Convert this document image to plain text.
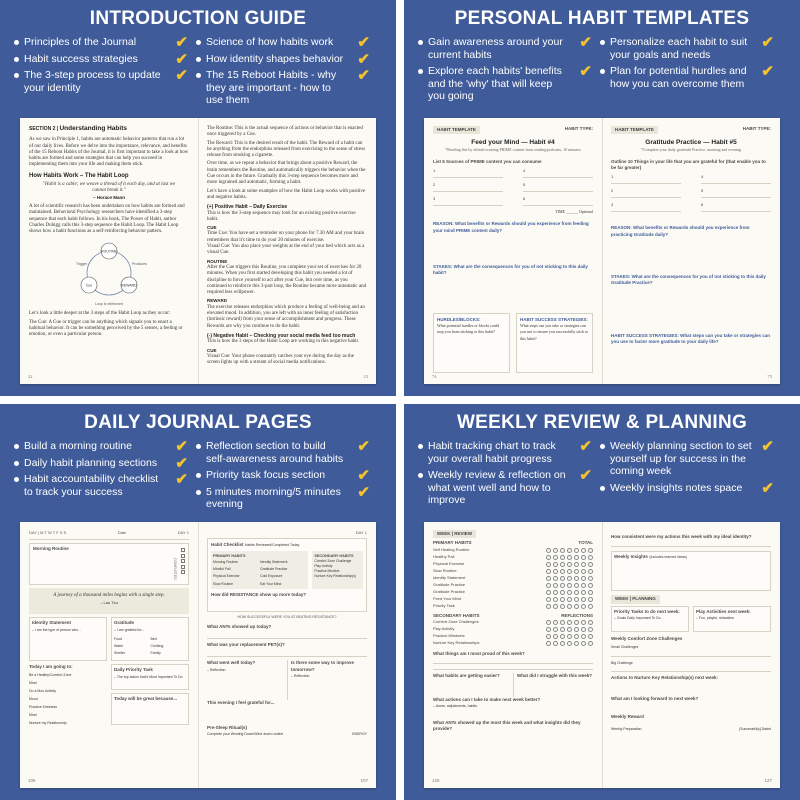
INTRODUCTION GUIDE
Principles of the Journal	✔
Habit success strategies	✔
The 3-step process to update your identity
✔
Science of how habits work ✔
How identity shapes behavior ✔
The 15 Reboot Habits - why they are important - how to use them
✔
SECTION 2 | Understanding Habits
As we saw in Principle 1, habits are automatic behavior patterns that run a lot of our daily lives. Before we delve into the importance, relevance, and benefits of the 15 Reboot Habits of the Journal, it is first important to take a look at how habits are formed and some strategies that can help you succeed in implementing them into your life and making them stick.
How Habits Work – The Habit Loop
"Habit is a cable; we weave a thread of it each day, and at last we cannot break it."
– Horace Mann
A lot of scientific research has been undertaken on how habits are formed and maintained. Behavioral Psychology researchers have identified a 3-step sequence that each habit follows. In his book, The Power of Habit, author Charles Duhigg calls this 3-step sequence the Habit Loop. The Habit Loop shows how a habit functions as a self-reinforcing behavior pattern.
ROUTINE
Cue	REWARD
Trigger	Produces
Loop is reinforced
Let's look a little deeper at the 3 steps of the Habit Loop as they occur:
The Cue: A Cue or trigger can be anything which signals you to enact a habitual behavior. It can be something perceived by the 5 senses, a feeling or emotion, or even a particular person.
22
The Routine: This is the actual sequence of actions or behavior that is enacted once triggered by a Cue.
The Reward: This is the desired result of the habit. The Reward of a habit can be anything from the endorphins released from exercising to the sense of stress release from smoking a cigarette.
Over time, as we repeat a behavior that brings about a positive Reward, the brain remembers the Routine, and automatically triggers the behavior when the Cue occurs in the future. Gradually this 3-step sequence becomes more and more ingrained and automatic, forming a habit.
Let's have a look at some examples of how the Habit Loop works with positive and negative habits.
(+) Positive Habit – Daily Exercise
This is how the 3-step sequence may look for an existing positive exercise habit.
CUE
Time Cue: You have set a reminder on your phone for 7.30 AM and your brain remembers that it's time to do your 20 minutes of exercise.
Visual Cue: You also place your weights at the end of your bed which acts as a visual Cue.
ROUTINE
After the Cue triggers this Routine, you complete your set of exercises for 20 minutes. When you first started developing this habit you needed a lot of discipline to force yourself to act after your Cue, but over time, as you continued to reinforce this 3-part loop, the Routine became more automatic and required less willpower.
REWARD
The exercise releases endorphins which produce a feeling of well-being and an elevated mood. In addition, you are left with an inner feeling of satisfaction (intrinsic reward) from your sense of accomplishment and progress. These Rewards are why you continue to do the habit.
(-) Negative Habit – Checking your social media feed too much
This is how the 3 steps of the Habit Loop are working in this negative habit.
CUE
Visual Cue: Your phone constantly catches your eye during the day as the screen lights up with a stream of social media notifications.
23
PERSONAL HABIT TEMPLATES
Gain awareness around your current habits
✔
Explore each habits' benefits and the 'why' that will keep you going
✔
Personalize each habit to suit your goals and needs
✔
Plan for potential hurdles and how you can overcome them
✔
HABIT TEMPLATE	HABIT TYPE:
Feed your Mind — Habit #4
*Reading this by default/creating PRIME content from reading/podcasts, 10 minutes
List 6 Sources of PRIME content you can consume
1
2
3
4
5
6
TIME ______ Optional
REASON: What benefits or Rewards should you experience from feeding your mind PRIME content daily?
STAKES: What are the consequences for you of not sticking to this daily habit?
HURDLES/BLOCKS:
What potential hurdles or blocks could stop you from sticking to this habit?
HABIT SUCCESS STRATEGIES:
What steps can you take or strategies can you use to ensure you successfully stick to this habit?
74
HABIT TEMPLATE	HABIT TYPE:
Gratitude Practice — Habit #5
*Complete your daily gratitude Practice, morning and evening
Outline 10 Things in your life that you are grateful for (that enable you to be far greater)
1
2
3
4
5
6
REASON: What benefits or Rewards should you experience from practicing Gratitude daily?
STAKES: What are the consequences for you of not sticking to this daily Gratitude Practice?
HABIT SUCCESS STRATEGIES: What steps can you take or strategies can you use to factor more gratitude to your daily life?
75
DAILY JOURNAL PAGES
Build a morning routine	✔
Daily habit planning sections ✔
Habit accountability checklist to track your success
✔
Reflection section to build self-awareness around habits
✔
Priority task focus section ✔
5 minutes morning/5 minutes evening
✔
DAY | M T W T F S S	Date	DAY 1
Morning Routine
COMPLETED
A journey of a thousand miles begins with a single step.
– Lao Tzu
Identity Statement
– I am the type of person who...
Gratitude
– I am grateful for...
Food	Bed
Water	Clothing
Shelter	Family
Today I am going to:
Be a Healthy/Comfort Zone
Mind
Do a Moo Activity
Mood
Practice Kindness
Mind
Nurture my Relationship
Daily Priority Task
– The top action that's Most Important To Do
Today will be great because...
106
DAY 1
Habit Checklist Habits Reviewed/Completed Today
PRIMARY HABITS
Morning Routine	Identity Statement
Mindful Pall	Gratitude Practice
Physical Exercise	Cold Exposure
Slow Routine	Eat Your Mind
SECONDARY HABITS
Comfort Zone Challenge
Play Activity
Practice Mindset
Nurture Key Relationship(s)
How did RESISTANCE show up more today?
HOW SUCCESSFUL WERE YOU AT BEATING RESISTANCE?
What ANTs showed up today?
What was your replacement PET(s)?
What went well today?
– Reflection
Is there some way to improve tomorrow?
– Reflection
This evening I feel grateful for...
Pre-Sleep Ritual(s)
Complete your Winding Down/Wind down routine	ENERGY
107
WEEKLY REVIEW & PLANNING
Habit tracking chart to track your overall habit progress
✔
Weekly review & reflection on what went well and how to improve
✔
Weekly planning section to set yourself up for success in the coming week
✔
Weekly insights notes space ✔
WEEK | REVIEW
PRIMARY HABITS	TOTAL
Self Healing Routine
Healthy Pall
Physical Exercise
Slow Routine
Identity Statement
Gratitude Practice
Gratitude Practice
Feed Your Mind
Priority Task
SECONDARY HABITS	REFLECTIONS
Comfort Zone Challenges
Play Activity
Practice Mindsets
Nurture Key Relationships
What things am I most proud of this week?
What habits are getting easier?	What did I struggle with this week?
What actions can I take to make next week better?
– Areas, adjustments, habits
What ANTs showed up the most this week and what insights did they provide?
126
How consistent were my actions this week with my ideal identity?
Weekly Insights (Includes learned Ideas)
WEEK | PLANNING
Priority Tasks to do next week:
– Goals Daily Important To Do
Play Activities next week:
– Fun, playful, relaxation
Weekly Comfort Zone Challenges
Small Challenges
Big Challenge
Actions to Nurture Key Relationship(s) next week:
What am I looking forward to next week?
Weekly Reward
Weekly Preparation	[Successfully] Dated
127
